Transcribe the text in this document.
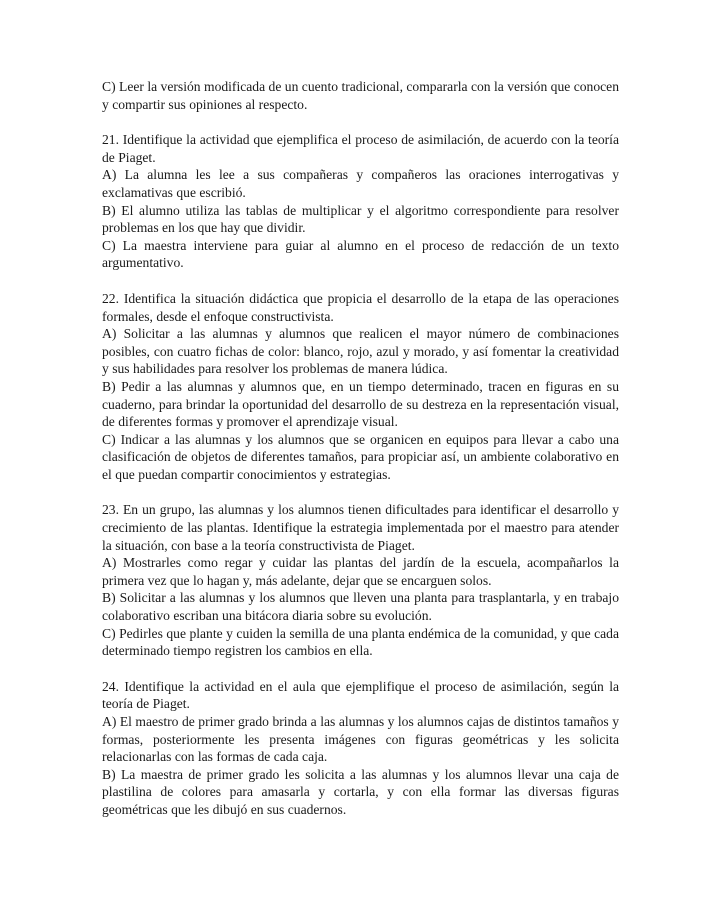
C) Leer la versión modificada de un cuento tradicional, compararla con la versión que conocen y compartir sus opiniones al respecto.

21. Identifique la actividad que ejemplifica el proceso de asimilación, de acuerdo con la teoría de Piaget.

A) La alumna les lee a sus compañeras y compañeros las oraciones interrogativas y exclamativas que escribió.

B) El alumno utiliza las tablas de multiplicar y el algoritmo correspondiente para resolver problemas en los que hay que dividir.

C) La maestra interviene para guiar al alumno en el proceso de redacción de un texto argumentativo.

22. Identifica la situación didáctica que propicia el desarrollo de la etapa de las operaciones formales, desde el enfoque constructivista.

A) Solicitar a las alumnas y alumnos que realicen el mayor número de combinaciones posibles, con cuatro fichas de color: blanco, rojo, azul y morado, y así fomentar la creatividad y sus habilidades para resolver los problemas de manera lúdica.

B) Pedir a las alumnas y alumnos que, en un tiempo determinado, tracen en figuras en su cuaderno, para brindar la oportunidad del desarrollo de su destreza en la representación visual, de diferentes formas y promover el aprendizaje visual.

C) Indicar a las alumnas y los alumnos que se organicen en equipos para llevar a cabo una clasificación de objetos de diferentes tamaños, para propiciar así, un ambiente colaborativo en el que puedan compartir conocimientos y estrategias.

23. En un grupo, las alumnas y los alumnos tienen dificultades para identificar el desarrollo y crecimiento de las plantas. Identifique la estrategia implementada por el maestro para atender la situación, con base a la teoría constructivista de Piaget.

A) Mostrarles como regar y cuidar las plantas del jardín de la escuela, acompañarlos la primera vez que lo hagan y, más adelante, dejar que se encarguen solos.

B) Solicitar a las alumnas y los alumnos que lleven una planta para trasplantarla, y en trabajo colaborativo escriban una bitácora diaria sobre su evolución.

C) Pedirles que plante y cuiden la semilla de una planta endémica de la comunidad, y que cada determinado tiempo registren los cambios en ella.

24. Identifique la actividad en el aula que ejemplifique el proceso de asimilación, según la teoría de Piaget.

A) El maestro de primer grado brinda a las alumnas y los alumnos cajas de distintos tamaños y formas, posteriormente les presenta imágenes con figuras geométricas y les solicita relacionarlas con las formas de cada caja.

B) La maestra de primer grado les solicita a las alumnas y los alumnos llevar una caja de plastilina de colores para amasarla y cortarla, y con ella formar las diversas figuras geométricas que les dibujó en sus cuadernos.
